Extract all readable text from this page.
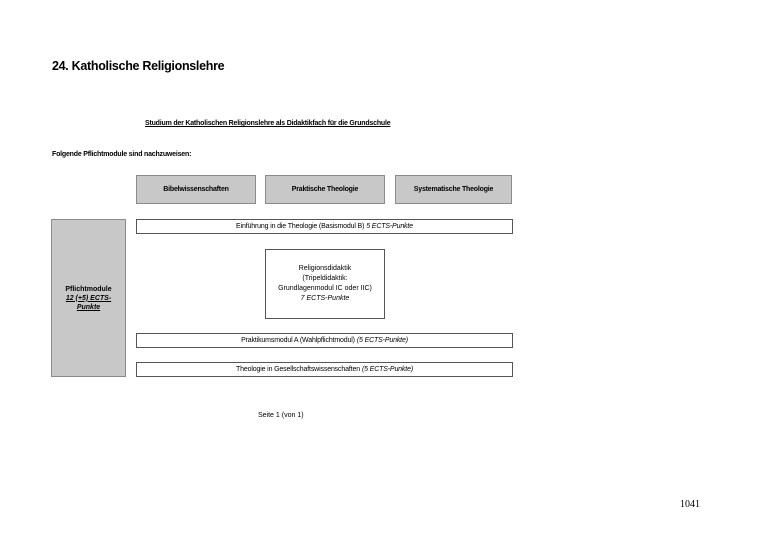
24. Katholische Religionslehre
Studium der Katholischen Religionslehre als Didaktikfach für die Grundschule
Folgende Pflichtmodule sind nachzuweisen:
Bibelwissenschaften	Praktische Theologie	Systematische Theologie
Pflichtmodule
12 (+5) ECTS-
Punkte
Einführung in die Theologie (Basismodul B) 5 ECTS-Punkte
Religionsdidaktik
(Tripeldidaktik:
Grundlagenmodul IC oder IIC)
7 ECTS-Punkte
Praktikumsmodul A (Wahlpflichtmodul) (5 ECTS-Punkte)
Theologie in Gesellschaftswissenschaften (5 ECTS-Punkte)
Seite 1 (von 1)
1041
